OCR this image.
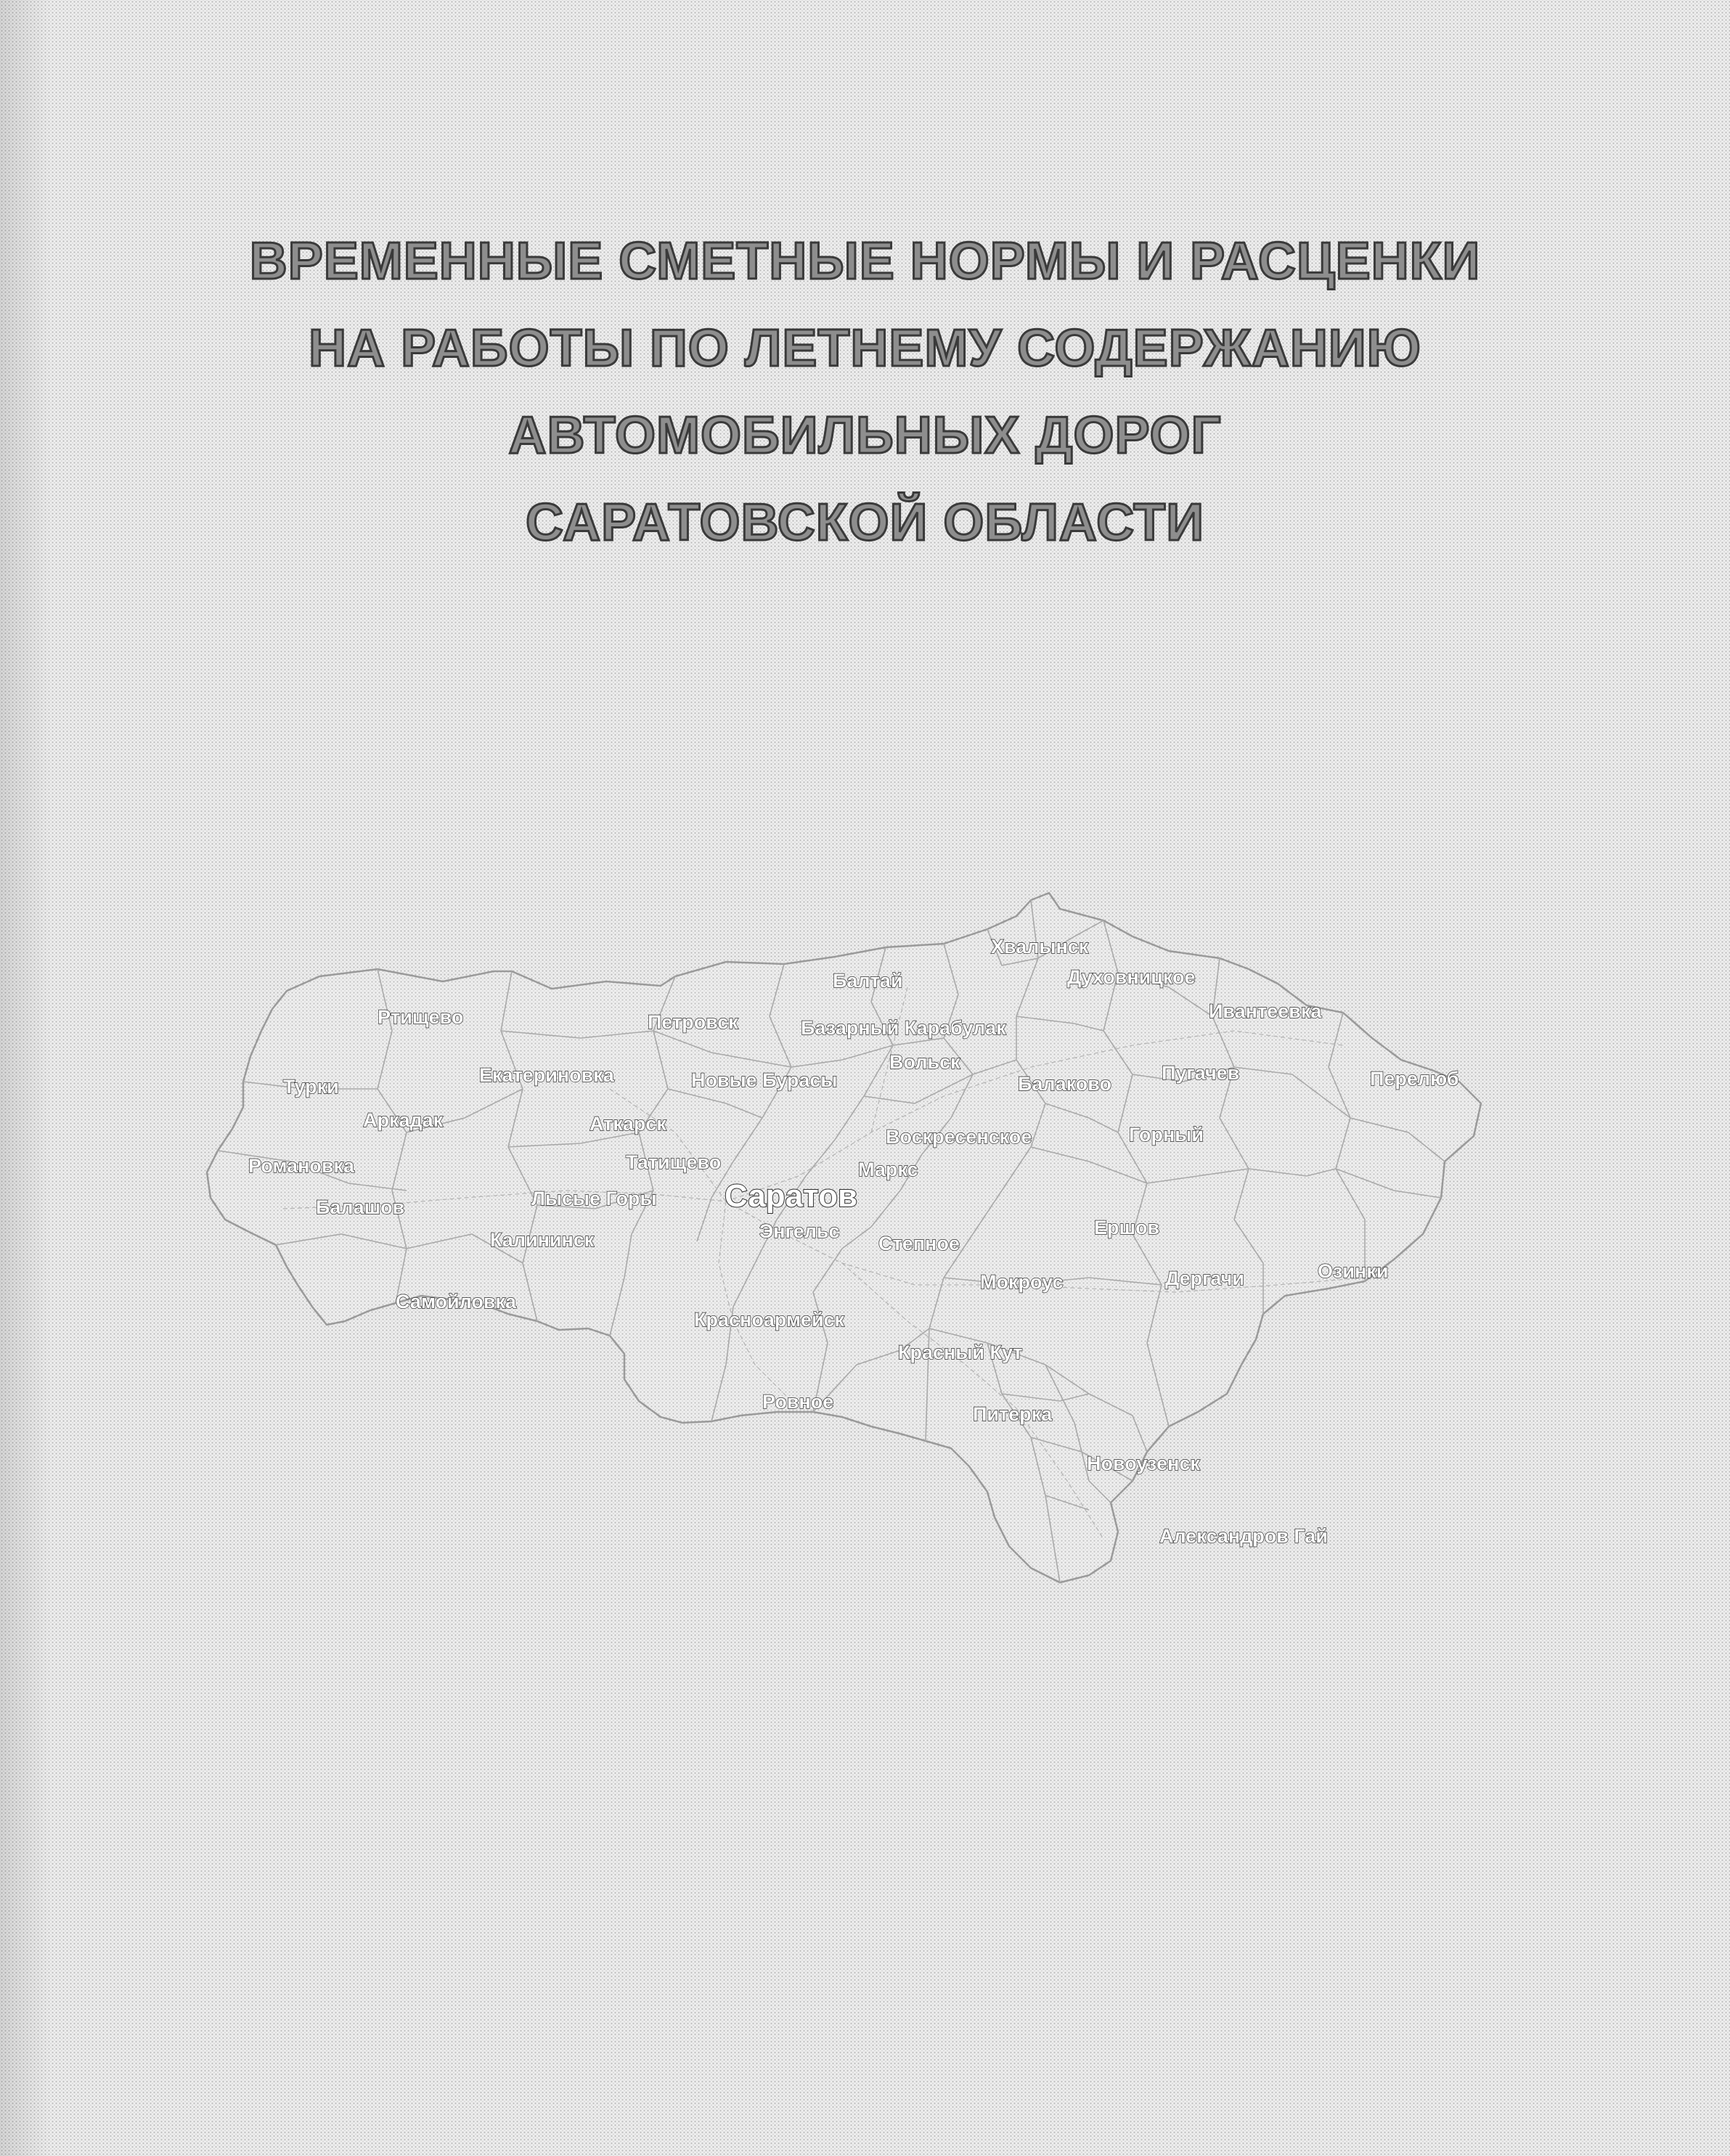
ВРЕМЕННЫЕ СМЕТНЫЕ НОРМЫ И РАСЦЕНКИ
НА РАБОТЫ ПО ЛЕТНЕМУ СОДЕРЖАНИЮ
АВТОМОБИЛЬНЫХ ДОРОГ
САРАТОВСКОЙ ОБЛАСТИ
Хвалынск
Балтай	Духовницкое
Ртищево	Петровск	Базарный Карабулак
Ивантеевка
Вольск
Турки
Екатериновка	Новые Бурасы	Балаково	Пугачев	Перелюб
Аркадак	Аткарск
Воскресенское	Горный
Романовка	Татищево	Маркс
Лысые Горы Саратов
Балашов
Энгельс
Калининск	Степное
Ершов
Озинки
Мокроус	Дергачи
Самойловка
Красноармейск
Красный Кут
Ровное
Питерка
Новоузенск
Александров Гай
